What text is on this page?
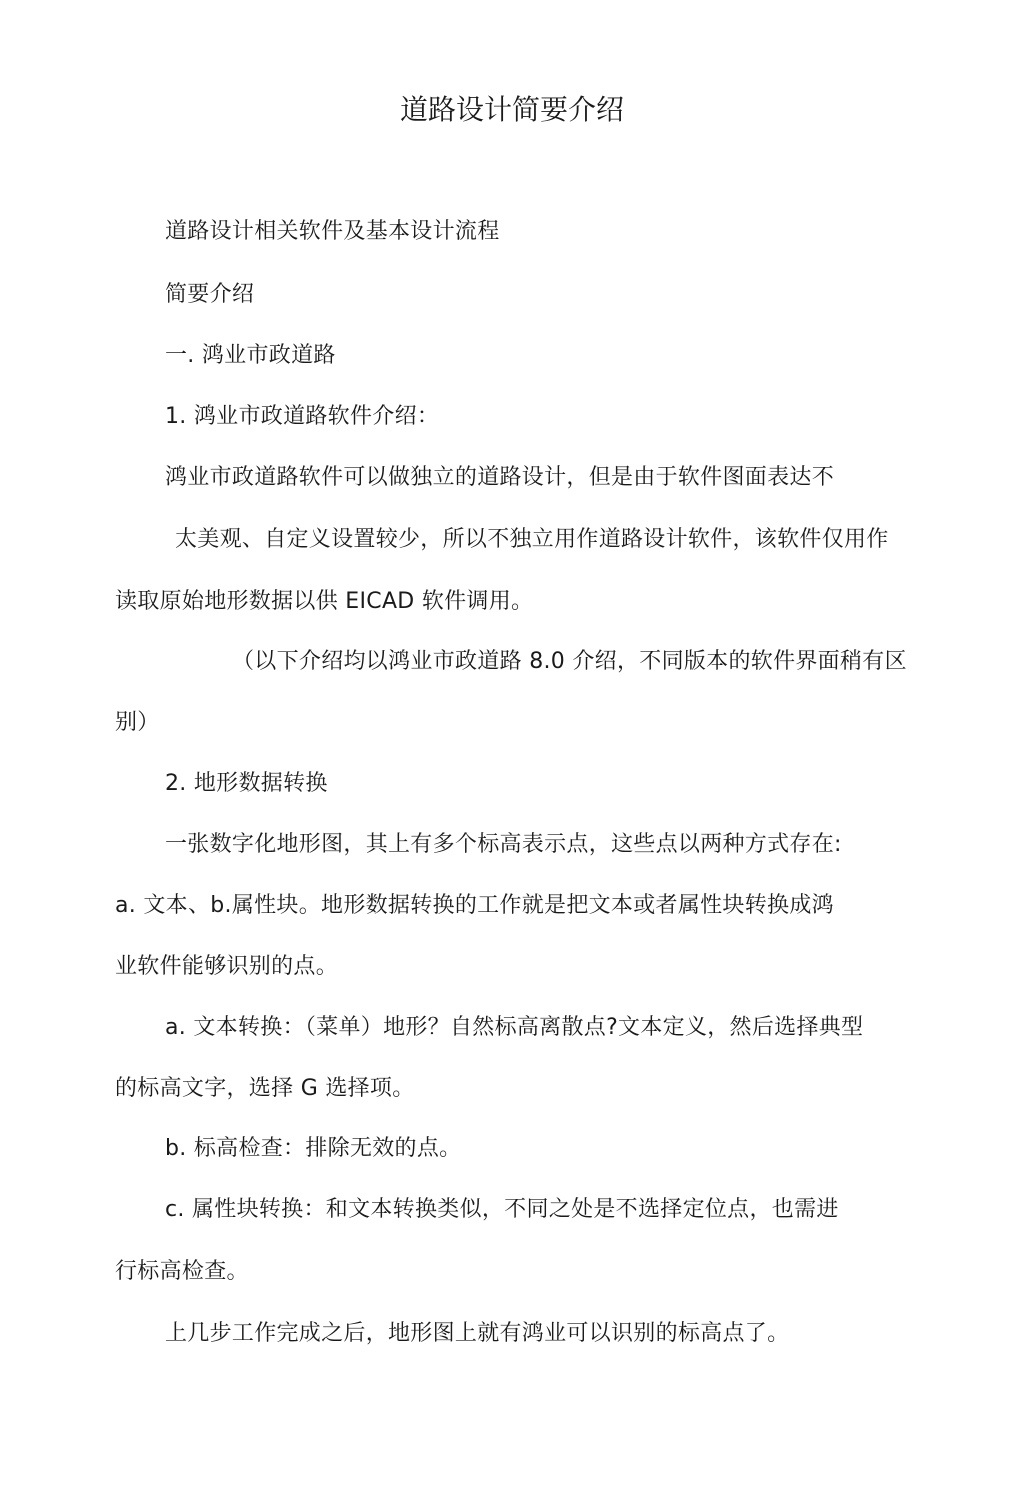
道路设计简要介绍
道路设计相关软件及基本设计流程
简要介绍
一. 鸿业市政道路
1. 鸿业市政道路软件介绍：
鸿业市政道路软件可以做独立的道路设计，但是由于软件图面表达不
太美观、自定义设置较少，所以不独立用作道路设计软件，该软件仅用作
读取原始地形数据以供 EICAD 软件调用。
（以下介绍均以鸿业市政道路 8.0 介绍，不同版本的软件界面稍有区
别）
2. 地形数据转换
一张数字化地形图，其上有多个标高表示点，这些点以两种方式存在:
a. 文本、b.属性块。地形数据转换的工作就是把文本或者属性块转换成鸿
业软件能够识别的点。
a. 文本转换：（菜单）地形？自然标高离散点?文本定义，然后选择典型
的标高文字，选择 G 选择项。
b. 标高检查：排除无效的点。
c. 属性块转换：和文本转换类似，不同之处是不选择定位点，也需进
行标高检查。
上几步工作完成之后，地形图上就有鸿业可以识别的标高点了。
